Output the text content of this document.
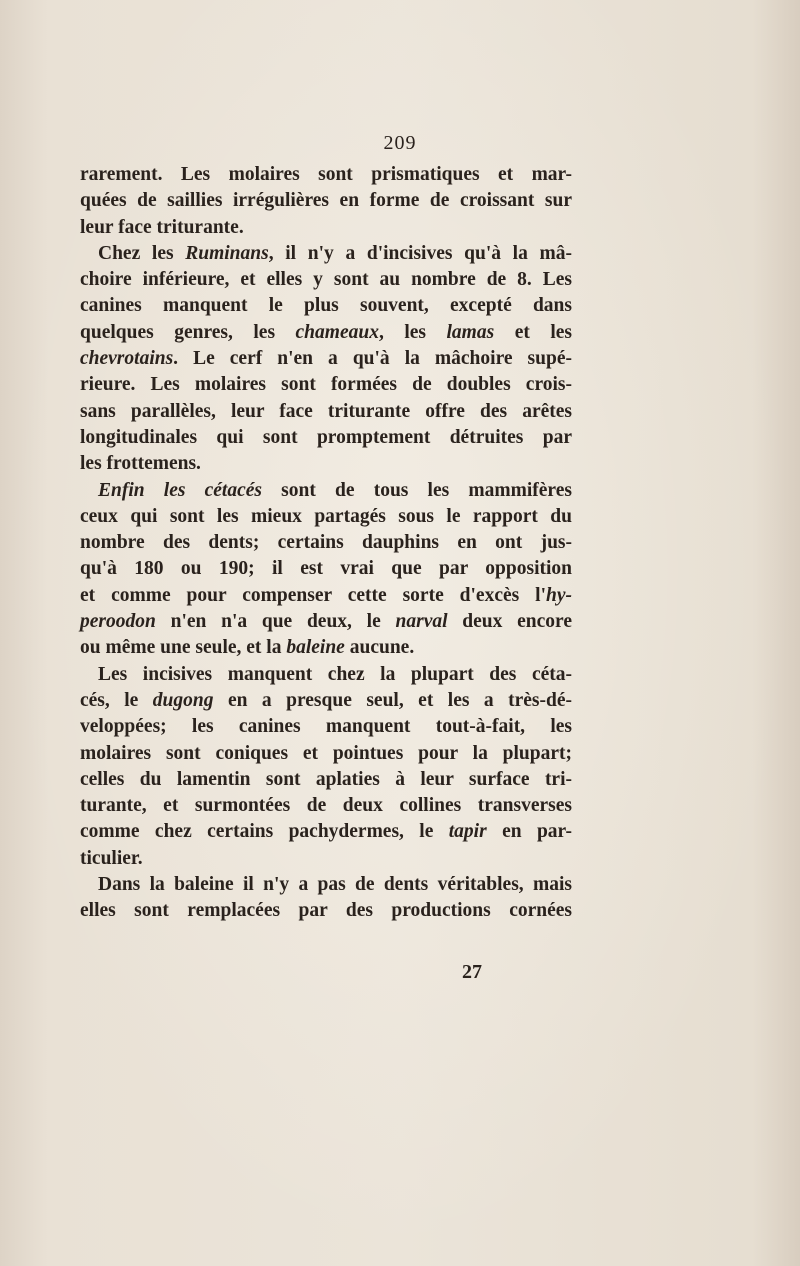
209
rarement. Les molaires sont prismatiques et mar-
quées de saillies irrégulières en forme de croissant sur
leur face triturante.
Chez les Ruminans, il n'y a d'incisives qu'à la mâ-
choire inférieure, et elles y sont au nombre de 8. Les
canines manquent le plus souvent, excepté dans
quelques genres, les chameaux, les lamas et les
chevrotains. Le cerf n'en a qu'à la mâchoire supé-
rieure. Les molaires sont formées de doubles crois-
sans parallèles, leur face triturante offre des arêtes
longitudinales qui sont promptement détruites par
les frottemens.
Enfin les cétacés sont de tous les mammifères
ceux qui sont les mieux partagés sous le rapport du
nombre des dents; certains dauphins en ont jus-
qu'à 180 ou 190; il est vrai que par opposition
et comme pour compenser cette sorte d'excès l'hy-
peroodon n'en n'a que deux, le narval deux encore
ou même une seule, et la baleine aucune.
Les incisives manquent chez la plupart des céta-
cés, le dugong en a presque seul, et les a très-dé-
veloppées; les canines manquent tout-à-fait, les
molaires sont coniques et pointues pour la plupart;
celles du lamentin sont aplaties à leur surface tri-
turante, et surmontées de deux collines transverses
comme chez certains pachydermes, le tapir en par-
ticulier.
Dans la baleine il n'y a pas de dents véritables, mais
elles sont remplacées par des productions cornées
27
